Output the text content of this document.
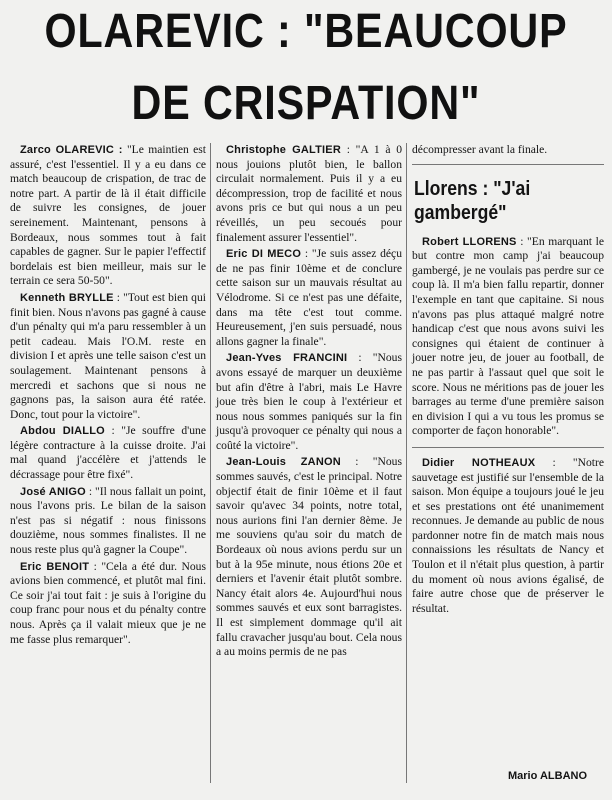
OLAREVIC : "BEAUCOUP
DE CRISPATION"

Zarco OLAREVIC : "Le maintien est assuré, c'est l'essentiel. Il y a eu dans ce match beaucoup de crispation, de trac de notre part. A partir de là il était difficile de suivre les consignes, de jouer sereinement. Maintenant, pensons à Bordeaux, nous sommes tout à fait capables de gagner. Sur le papier l'effectif bordelais est bien meilleur, mais sur le terrain ce sera 50-50".

Kenneth BRYLLE : "Tout est bien qui finit bien. Nous n'avons pas gagné à cause d'un pénalty qui m'a paru ressembler à un petit cadeau. Mais l'O.M. reste en division I et après une telle saison c'est un soulagement. Maintenant pensons à mercredi et sachons que si nous ne gagnons pas, la saison aura été ratée. Donc, tout pour la victoire".

Abdou DIALLO : "Je souffre d'une légère contracture à la cuisse droite. J'ai mal quand j'accélère et j'attends le décrassage pour être fixé".

José ANIGO : "Il nous fallait un point, nous l'avons pris. Le bilan de la saison n'est pas si négatif : nous finissons douzième, nous sommes finalistes. Il ne nous reste plus qu'à gagner la Coupe".

Eric BENOIT : "Cela a été dur. Nous avions bien commencé, et plutôt mal fini. Ce soir j'ai tout fait : je suis à l'origine du coup franc pour nous et du pénalty contre nous. Après ça il valait mieux que je ne me fasse plus remarquer".

Christophe GALTIER : "A 1 à 0 nous jouions plutôt bien, le ballon circulait normalement. Puis il y a eu décompression, trop de facilité et nous avons pris ce but qui nous a un peu réveillés, un peu secoués pour finalement assurer l'essentiel".

Eric DI MECO : "Je suis assez déçu de ne pas finir 10ème et de conclure cette saison sur un mauvais résultat au Vélodrome. Si ce n'est pas une défaite, dans ma tête c'est tout comme. Heureusement, j'en suis persuadé, nous allons gagner la finale".

Jean-Yves FRANCINI : "Nous avons essayé de marquer un deuxième but afin d'être à l'abri, mais Le Havre joue très bien le coup à l'extérieur et nous nous sommes paniqués sur la fin jusqu'à provoquer ce pénalty qui nous a coûté la victoire".

Jean-Louis ZANON : "Nous sommes sauvés, c'est le principal. Notre objectif était de finir 10ème et il faut savoir qu'avec 34 points, notre total, nous aurions fini l'an dernier 8ème. Je me souviens qu'au soir du match de Bordeaux où nous avions perdu sur un but à la 95e minute, nous étions 20e et derniers et l'avenir était plutôt sombre. Nancy était alors 4e. Aujourd'hui nous sommes sauvés et eux sont barragistes. Il est simplement dommage qu'il ait fallu cravacher jusqu'au bout. Cela nous a au moins permis de ne pas

décompresser avant la finale.

Llorens : "J'ai gambergé"

Robert LLORENS : "En marquant le but contre mon camp j'ai beaucoup gambergé, je ne voulais pas perdre sur ce coup là. Il m'a bien fallu repartir, donner l'exemple en tant que capitaine. Si nous n'avons pas plus attaqué malgré notre handicap c'est que nous avons suivi les consignes qui étaient de continuer à jouer notre jeu, de jouer au football, de ne pas partir à l'assaut quel que soit le score. Nous ne méritions pas de jouer les barrages au terme d'une première saison en division I qui a vu tous les promus se comporter de façon honorable".

Didier NOTHEAUX : "Notre sauvetage est justifié sur l'ensemble de la saison. Mon équipe a toujours joué le jeu et ses prestations ont été unanimement reconnues. Je demande au public de nous pardonner notre fin de match mais nous connaissions les résultats de Nancy et Toulon et il n'était plus question, à partir du moment où nous avions égalisé, de faire autre chose que de préserver le résultat.

Mario ALBANO
